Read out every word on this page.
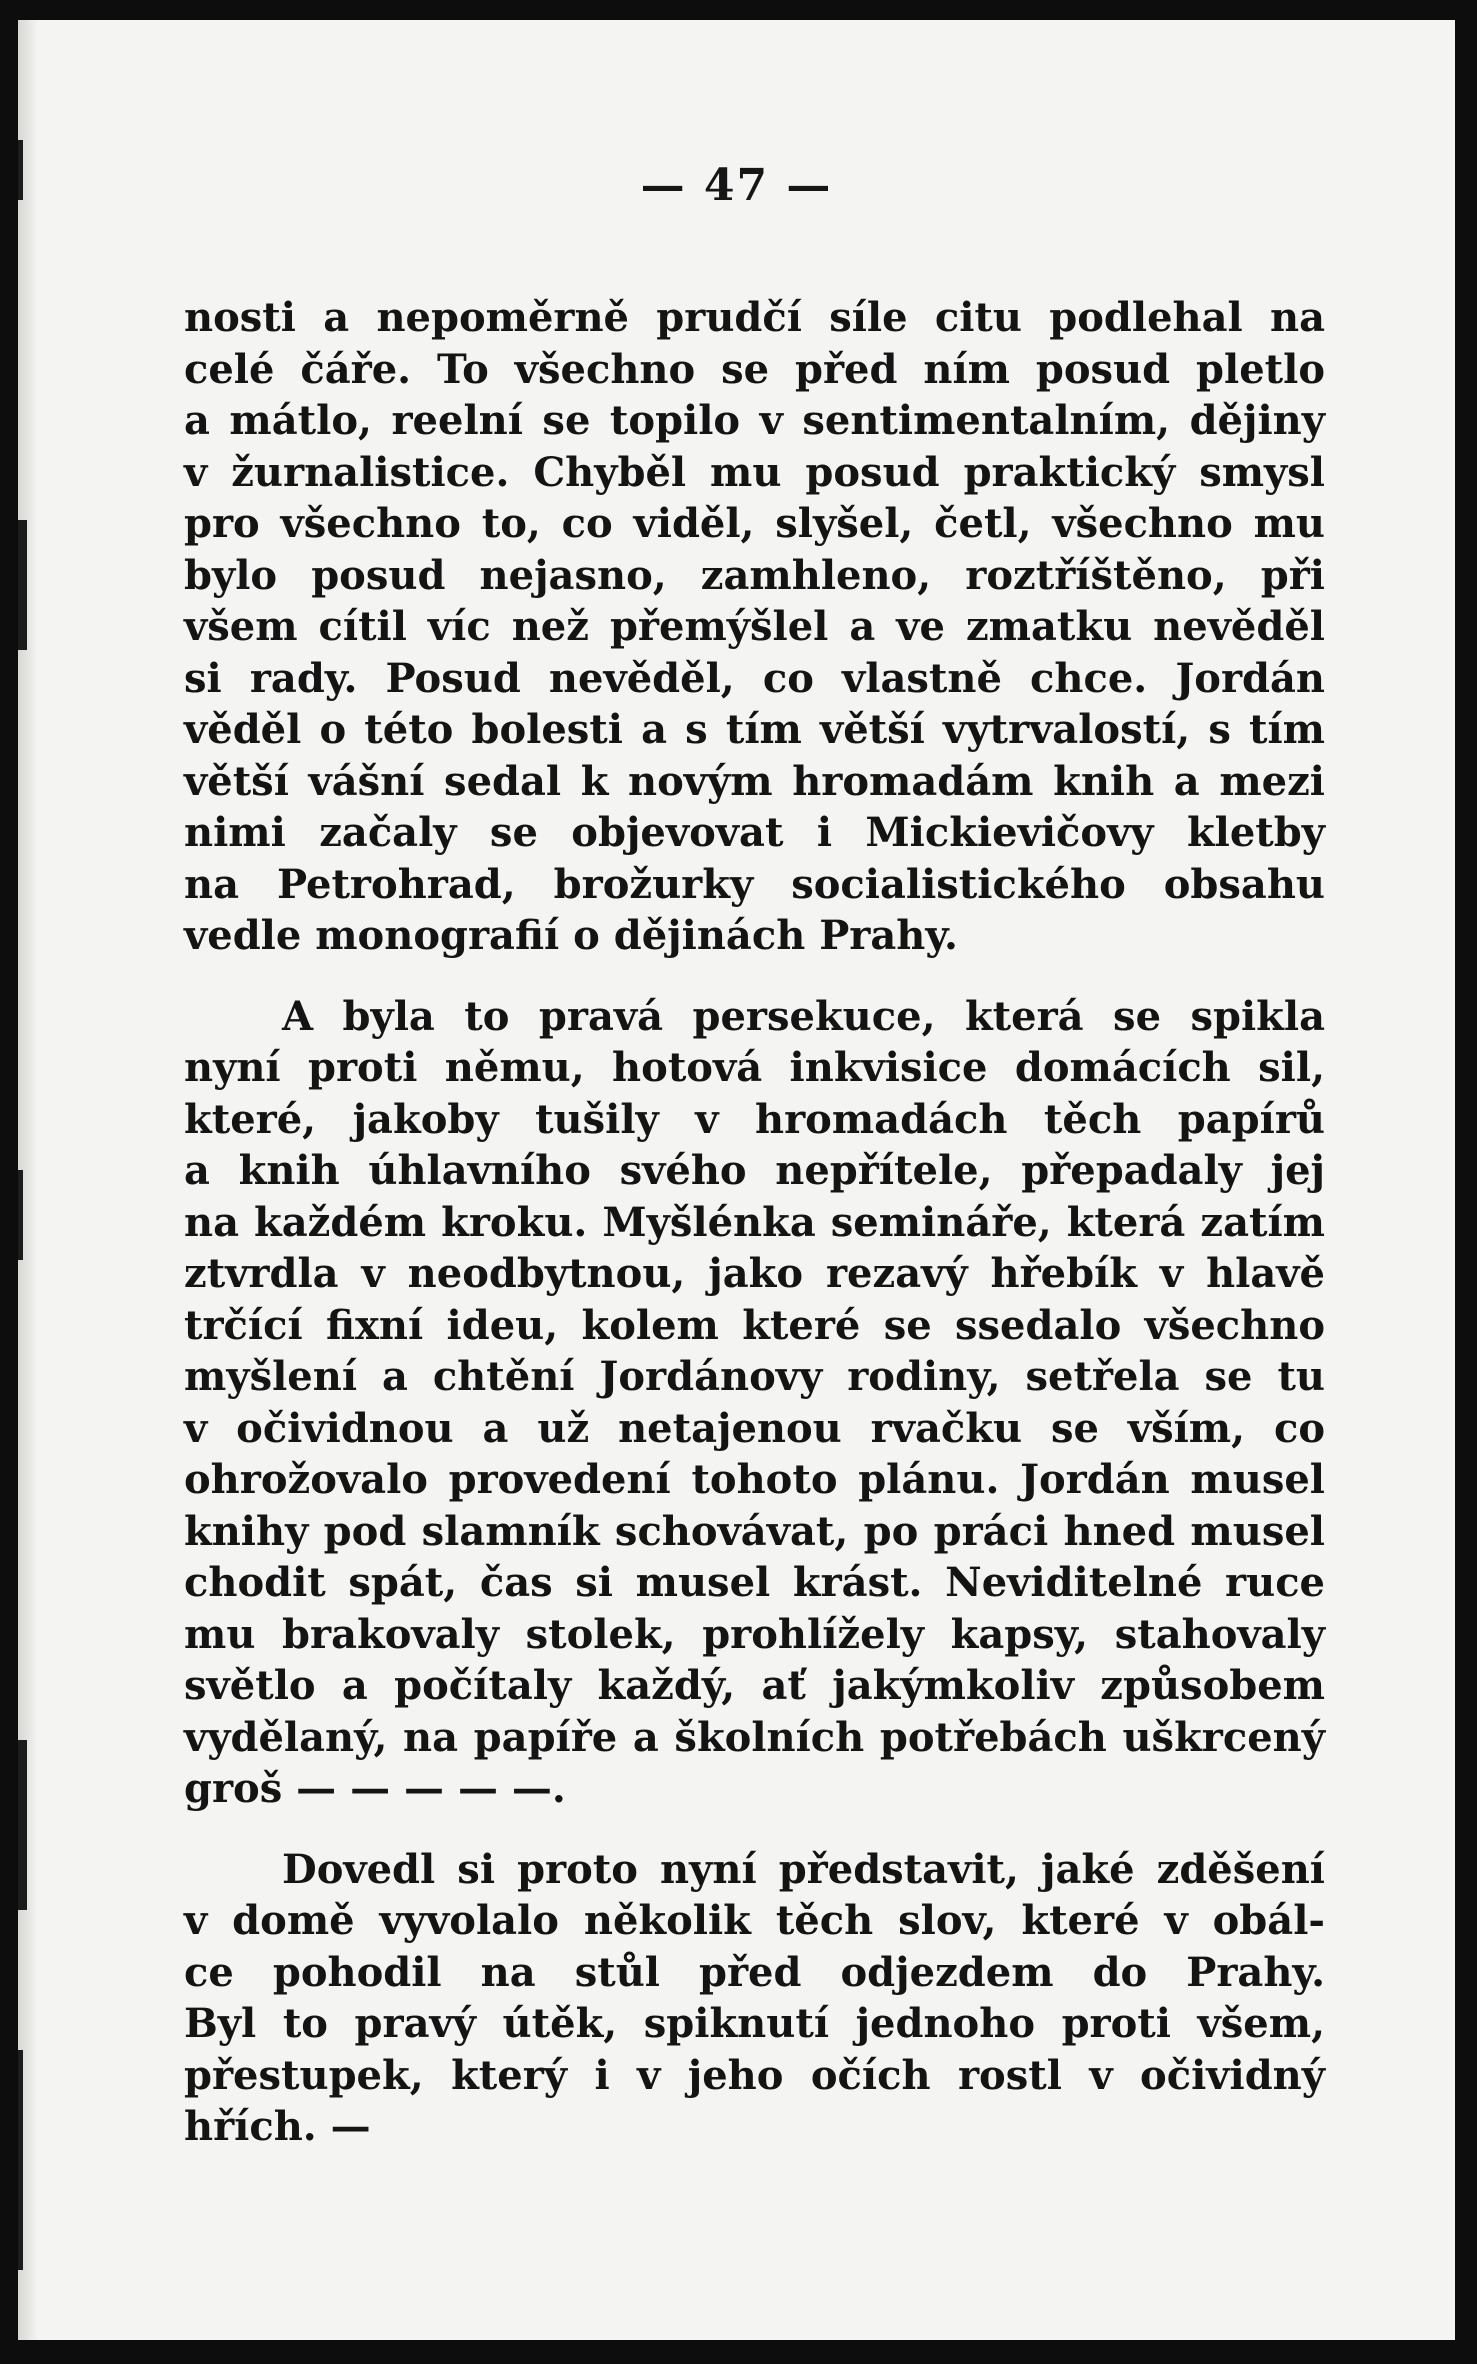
— 47 —

nosti a nepoměrně prudčí síle citu podlehal na
celé čáře. To všechno se před ním posud pletlo
a mátlo, reelní se topilo v sentimentalním, dějiny
v žurnalistice. Chyběl mu posud praktický smysl
pro všechno to, co viděl, slyšel, četl, všechno mu
bylo posud nejasno, zamhleno, roztříštěno, při
všem cítil víc než přemýšlel a ve zmatku nevěděl
si rady. Posud nevěděl, co vlastně chce. Jordán
věděl o této bolesti a s tím větší vytrvalostí, s tím
větší vášní sedal k novým hromadám knih a mezi
nimi začaly se objevovat i Mickievičovy kletby
na Petrohrad, brožurky socialistického obsahu
vedle monografií o dějinách Prahy.

A byla to pravá persekuce, která se spikla
nyní proti němu, hotová inkvisice domácích sil,
které, jakoby tušily v hromadách těch papírů
a knih úhlavního svého nepřítele, přepadaly jej
na každém kroku. Myšlénka semináře, která zatím
ztvrdla v neodbytnou, jako rezavý hřebík v hlavě
trčící fixní ideu, kolem které se ssedalo všechno
myšlení a chtění Jordánovy rodiny, setřela se tu
v očividnou a už netajenou rvačku se vším, co
ohrožovalo provedení tohoto plánu. Jordán musel
knihy pod slamník schovávat, po práci hned musel
chodit spát, čas si musel krást. Neviditelné ruce
mu brakovaly stolek, prohlížely kapsy, stahovaly
světlo a počítaly každý, ať jakýmkoliv způsobem
vydělaný, na papíře a školních potřebách uškrcený
groš — — — — —.

Dovedl si proto nyní představit, jaké zděšení
v domě vyvolalo několik těch slov, které v obál-
ce pohodil na stůl před odjezdem do Prahy.
Byl to pravý útěk, spiknutí jednoho proti všem,
přestupek, který i v jeho očích rostl v očividný
hřích. —
